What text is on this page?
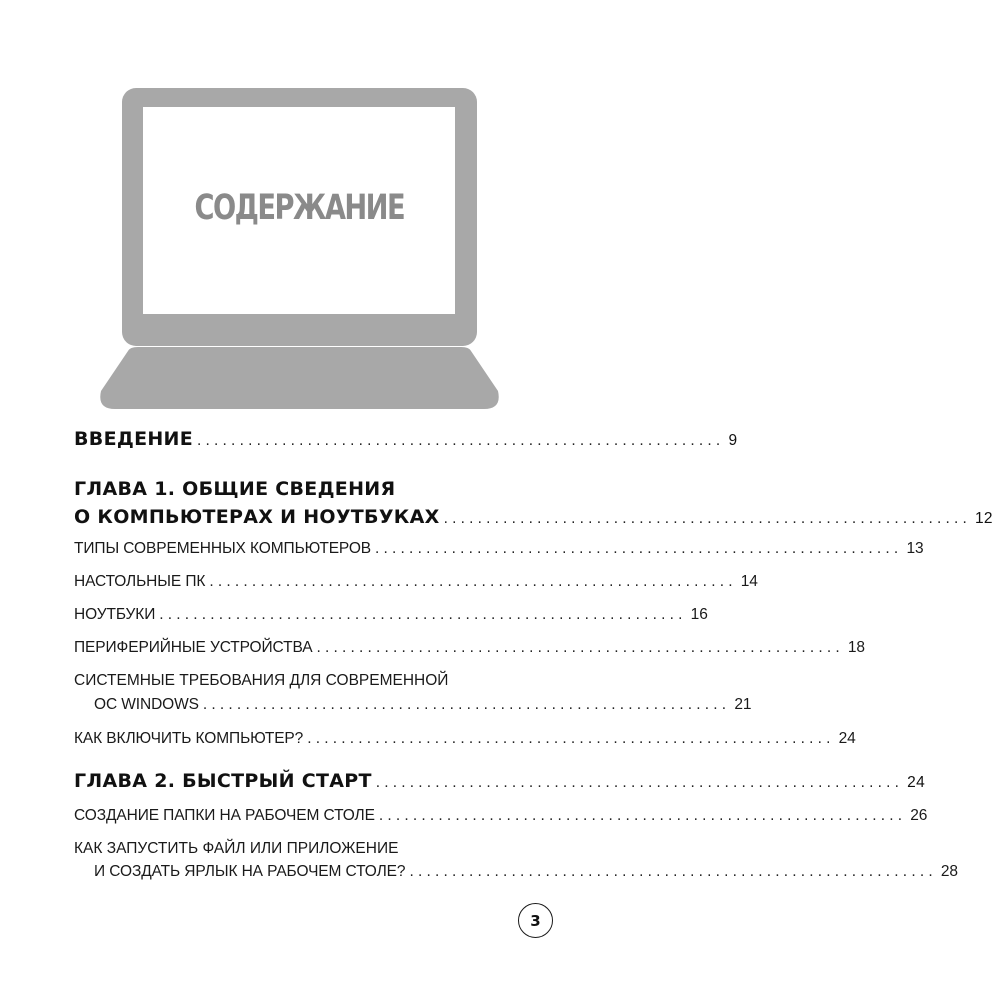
СОДЕРЖАНИЕ
ВВЕДЕНИЕ .............................................................. 9
ГЛАВА 1. ОБЩИЕ СВЕДЕНИЯ
О КОМПЬЮТЕРАХ И НОУТБУКАХ .............................................................. 12
ТИПЫ СОВРЕМЕННЫХ КОМПЬЮТЕРОВ .............................................................. 13
НАСТОЛЬНЫЕ ПК .............................................................. 14
НОУТБУКИ .............................................................. 16
ПЕРИФЕРИЙНЫЕ УСТРОЙСТВА .............................................................. 18
СИСТЕМНЫЕ ТРЕБОВАНИЯ ДЛЯ СОВРЕМЕННОЙ
ОС WINDOWS .............................................................. 21
КАК ВКЛЮЧИТЬ КОМПЬЮТЕР? .............................................................. 24
ГЛАВА 2. БЫСТРЫЙ СТАРТ .............................................................. 24
СОЗДАНИЕ ПАПКИ НА РАБОЧЕМ СТОЛЕ .............................................................. 26
КАК ЗАПУСТИТЬ ФАЙЛ ИЛИ ПРИЛОЖЕНИЕ
И СОЗДАТЬ ЯРЛЫК НА РАБОЧЕМ СТОЛЕ? .............................................................. 28
3
